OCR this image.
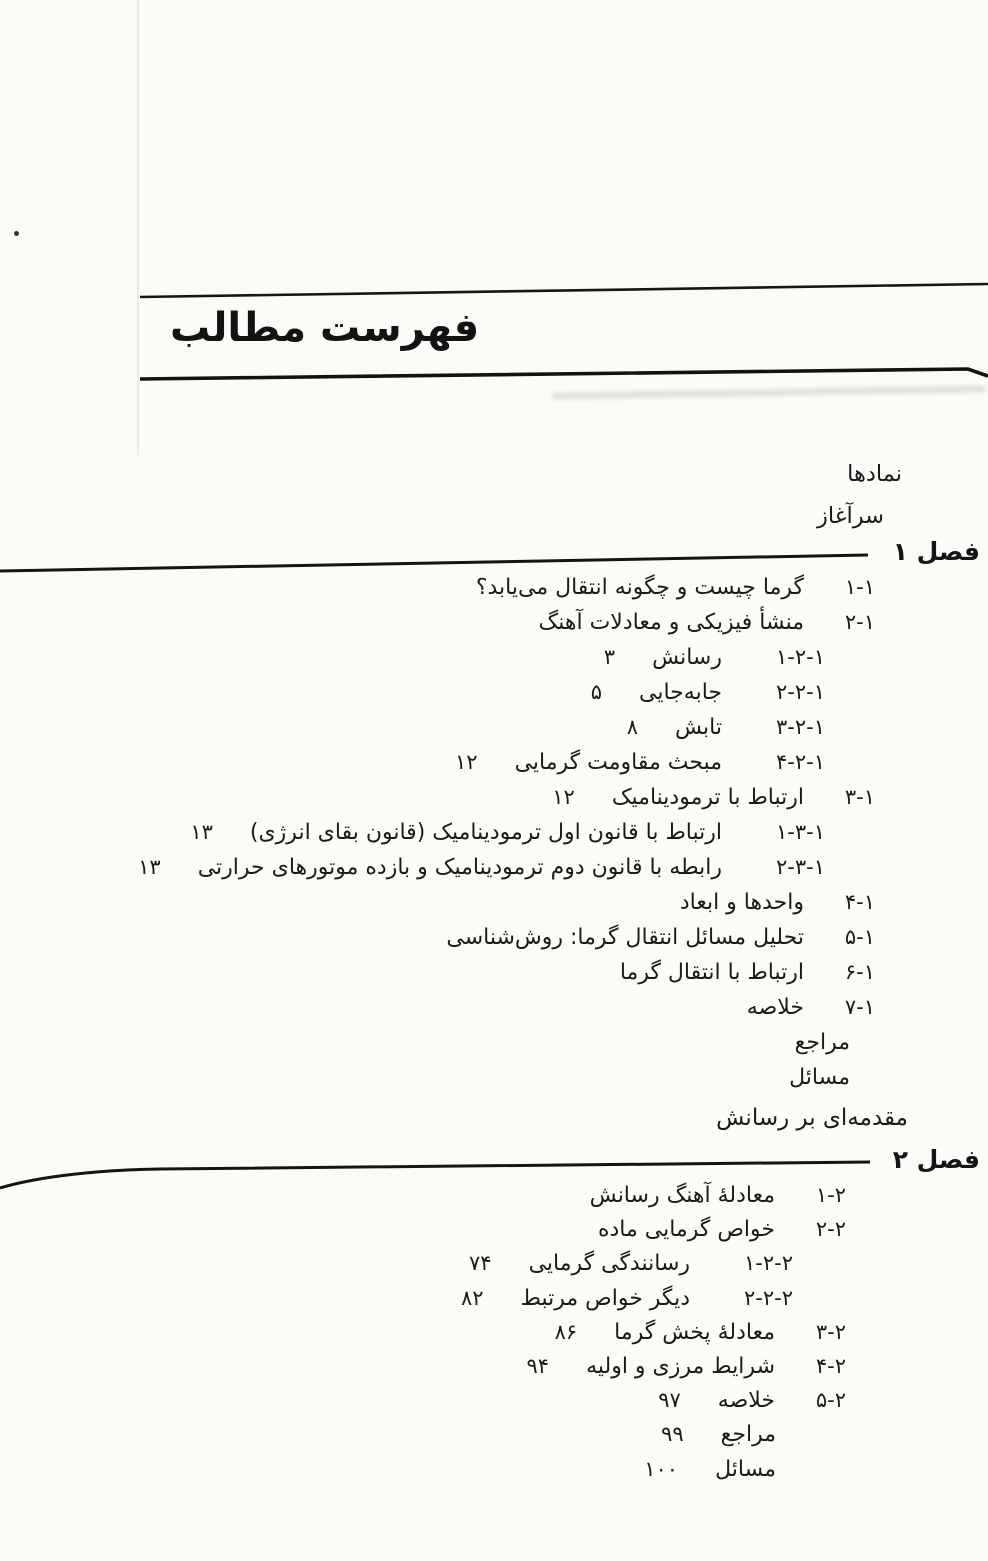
فهرست مطالب
نمادها
سرآغاز
فصل ۱
۱-۱ گرما چیست و چگونه انتقال می‌یابد؟
۲-۱ منشأ فیزیکی و معادلات آهنگ
۱-۲-۱ رسانش ۳
۲-۲-۱ جابه‌جایی ۵
۳-۲-۱ تابش ۸
۴-۲-۱ مبحث مقاومت گرمایی ۱۲
۳-۱ ارتباط با ترمودینامیک ۱۲
۱-۳-۱ ارتباط با قانون اول ترمودینامیک (قانون بقای انرژی) ۱۳
۲-۳-۱ رابطه با قانون دوم ترمودینامیک و بازده موتورهای حرارتی ۱۳
۴-۱ واحدها و ابعاد
۵-۱ تحلیل مسائل انتقال گرما: روش‌شناسی
۶-۱ ارتباط با انتقال گرما
۷-۱ خلاصه
مراجع
مسائل
مقدمه‌ای بر رسانش
فصل ۲
۱-۲ معادلهٔ آهنگ رسانش
۲-۲ خواص گرمایی ماده
۱-۲-۲ رسانندگی گرمایی ۷۴
۲-۲-۲ دیگر خواص مرتبط ۸۲
۳-۲ معادلهٔ پخش گرما ۸۶
۴-۲ شرایط مرزی و اولیه ۹۴
۵-۲ خلاصه ۹۷
مراجع ۹۹
مسائل ۱۰۰
